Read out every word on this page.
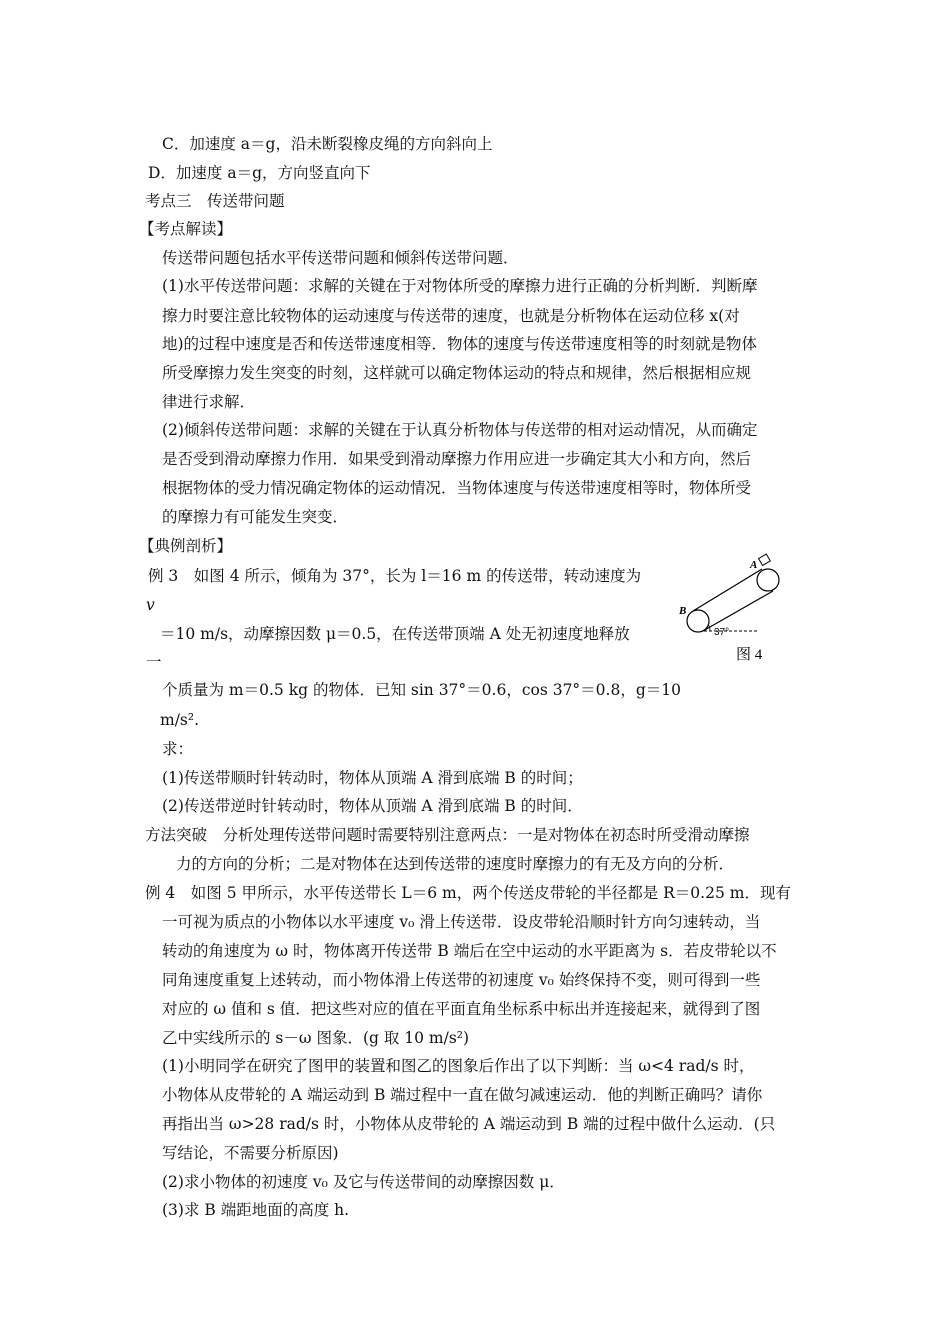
C．加速度 a＝g，沿未断裂橡皮绳的方向斜向上
D．加速度 a＝g，方向竖直向下
考点三　传送带问题
【考点解读】
传送带问题包括水平传送带问题和倾斜传送带问题．
(1)水平传送带问题：求解的关键在于对物体所受的摩擦力进行正确的分析判断．判断摩
擦力时要注意比较物体的运动速度与传送带的速度，也就是分析物体在运动位移 x(对
地)的过程中速度是否和传送带速度相等．物体的速度与传送带速度相等的时刻就是物体
所受摩擦力发生突变的时刻，这样就可以确定物体运动的特点和规律，然后根据相应规
律进行求解．
(2)倾斜传送带问题：求解的关键在于认真分析物体与传送带的相对运动情况，从而确定
是否受到滑动摩擦力作用．如果受到滑动摩擦力作用应进一步确定其大小和方向，然后
根据物体的受力情况确定物体的运动情况．当物体速度与传送带速度相等时，物体所受
的摩擦力有可能发生突变．
【典例剖析】
例 3　如图 4 所示，倾角为 37°，长为 l＝16 m 的传送带，转动速度为
v
＝10 m/s，动摩擦因数 μ＝0.5，在传送带顶端 A 处无初速度地释放
一
个质量为 m＝0.5 kg 的物体．已知 sin 37°＝0.6，cos 37°＝0.8，g＝10
m/s².
求：
(1)传送带顺时针转动时，物体从顶端 A 滑到底端 B 的时间；
(2)传送带逆时针转动时，物体从顶端 A 滑到底端 B 的时间．
方法突破　分析处理传送带问题时需要特别注意两点：一是对物体在初态时所受滑动摩擦
力的方向的分析；二是对物体在达到传送带的速度时摩擦力的有无及方向的分析．
例 4　如图 5 甲所示，水平传送带长 L＝6 m，两个传送皮带轮的半径都是 R＝0.25 m．现有
一可视为质点的小物体以水平速度 v₀ 滑上传送带．设皮带轮沿顺时针方向匀速转动，当
转动的角速度为 ω 时，物体离开传送带 B 端后在空中运动的水平距离为 s．若皮带轮以不
同角速度重复上述转动，而小物体滑上传送带的初速度 v₀ 始终保持不变，则可得到一些
对应的 ω 值和 s 值．把这些对应的值在平面直角坐标系中标出并连接起来，就得到了图
乙中实线所示的 s－ω 图象．(g 取 10 m/s²)
(1)小明同学在研究了图甲的装置和图乙的图象后作出了以下判断：当 ω<4 rad/s 时，
小物体从皮带轮的 A 端运动到 B 端过程中一直在做匀减速运动．他的判断正确吗？请你
再指出当 ω>28 rad/s 时，小物体从皮带轮的 A 端运动到 B 端的过程中做什么运动．(只
写结论，不需要分析原因)
(2)求小物体的初速度 v₀ 及它与传送带间的动摩擦因数 μ．
(3)求 B 端距地面的高度 h.
A
B
37°
图 4
